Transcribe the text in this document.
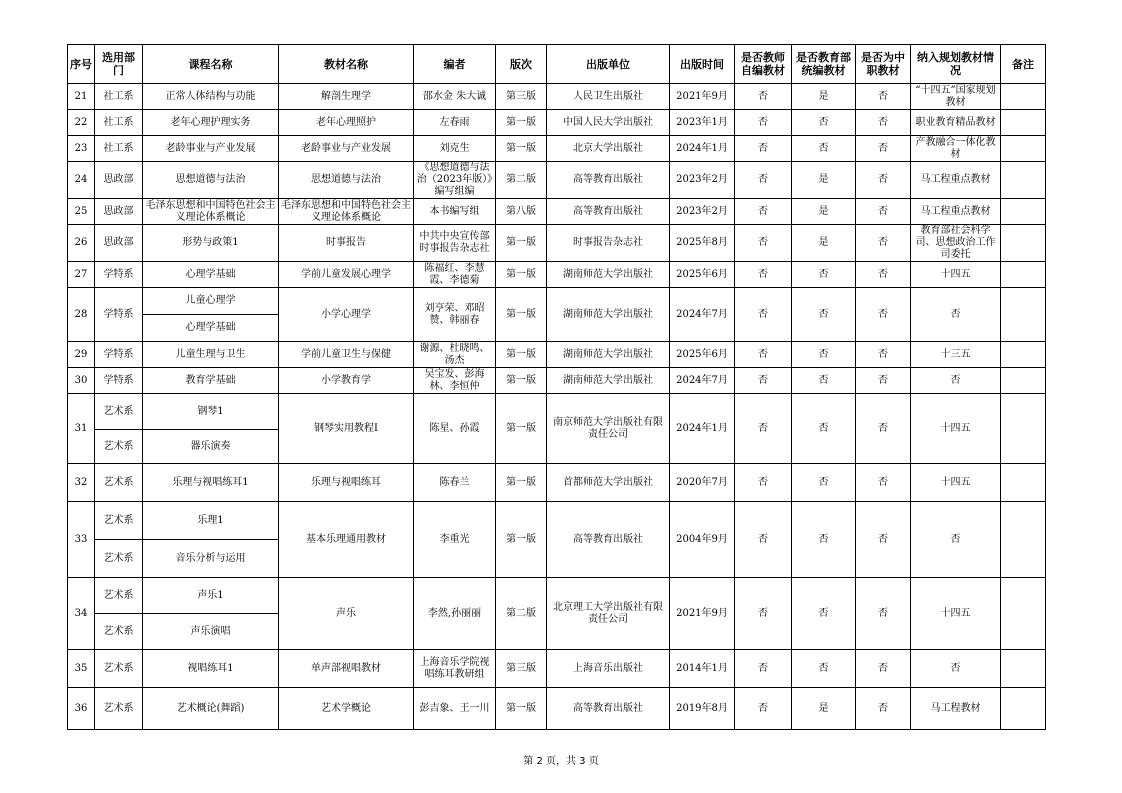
序号	选用部门	课程名称	教材名称	编者	版次	出版单位	出版时间	是否教师自编教材	是否教育部统编教材	是否为中职教材	纳入规划教材情况	备注
21	社工系	正常人体结构与功能	解剖生理学	邵水金 朱大诚	第三版	人民卫生出版社	2021年9月	否	是	否	“十四五”国家规划教材	
22	社工系	老年心理护理实务	老年心理照护	左春雨	第一版	中国人民大学出版社	2023年1月	否	否	否	职业教育精品教材	
23	社工系	老龄事业与产业发展	老龄事业与产业发展	刘克生	第一版	北京大学出版社	2024年1月	否	否	否	产教融合一体化教材	
24	思政部	思想道德与法治	思想道德与法治	《思想道德与法治（2023年版）》编写组编	第二版	高等教育出版社	2023年2月	否	是	否	马工程重点教材	
25	思政部	毛泽东思想和中国特色社会主义理论体系概论	毛泽东思想和中国特色社会主义理论体系概论	本书编写组	第八版	高等教育出版社	2023年2月	否	是	否	马工程重点教材	
26	思政部	形势与政策1	时事报告	中共中央宣传部时事报告杂志社	第一版	时事报告杂志社	2025年8月	否	是	否	教育部社会科学司、思想政治工作司委托	
27	学特系	心理学基础	学前儿童发展心理学	陈福红、李慧霞、李德菊	第一版	湖南师范大学出版社	2025年6月	否	否	否	十四五	
28	学特系	儿童心理学	小学心理学	刘亨荣、邓昭赞、韩丽春	第一版	湖南师范大学出版社	2024年7月	否	否	否	否	
		心理学基础										
29	学特系	儿童生理与卫生	学前儿童卫生与保健	谢源、杜晓鸣、汤杰	第一版	湖南师范大学出版社	2025年6月	否	否	否	十三五	
30	学特系	教育学基础	小学教育学	吴宝发、彭海林、李恒仲	第一版	湖南师范大学出版社	2024年7月	否	否	否	否	
31	艺术系	钢琴1	钢琴实用教程I	陈星、孙霞	第一版	南京师范大学出版社有限责任公司	2024年1月	否	否	否	十四五	
	艺术系	器乐演奏										
32	艺术系	乐理与视唱练耳1	乐理与视唱练耳	陈春兰	第一版	首都师范大学出版社	2020年7月	否	否	否	十四五	
33	艺术系	乐理1	基本乐理通用教材	李重光	第一版	高等教育出版社	2004年9月	否	否	否	否	
	艺术系	音乐分析与运用										
34	艺术系	声乐1	声乐	李然,孙丽丽	第二版	北京理工大学出版社有限责任公司	2021年9月	否	否	否	十四五	
	艺术系	声乐演唱										
35	艺术系	视唱练耳1	单声部视唱教材	上海音乐学院视唱练耳教研组	第三版	上海音乐出版社	2014年1月	否	否	否	否	
36	艺术系	艺术概论(舞蹈)	艺术学概论	彭吉象、王一川	第一版	高等教育出版社	2019年8月	否	是	否	马工程教材	
第 2 页，共 3 页
